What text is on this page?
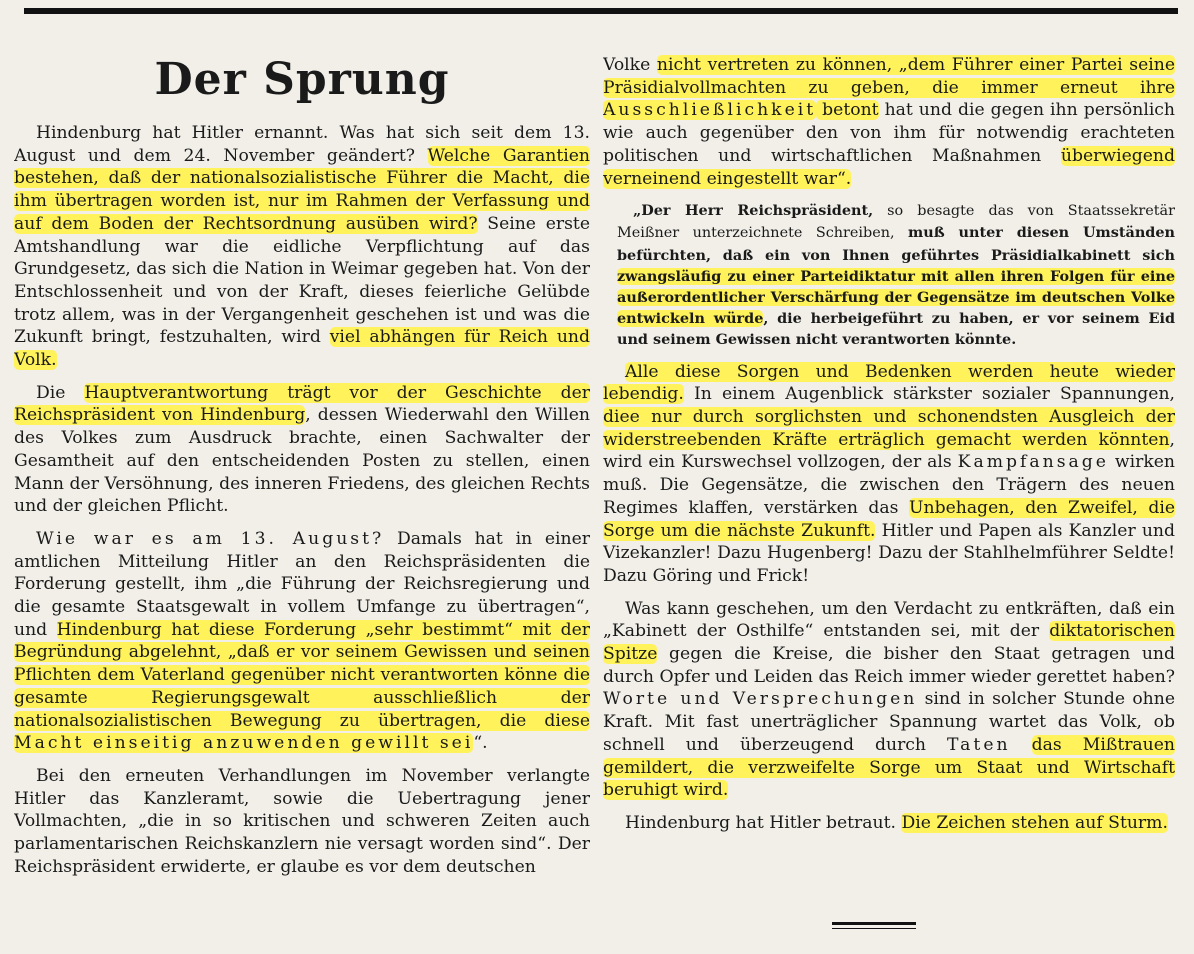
Der Sprung

Hindenburg hat Hitler ernannt. Was hat sich seit dem 13. August und dem 24. November geändert? Welche Garantien bestehen, daß der nationalsozialistische Führer die Macht, die ihm übertragen worden ist, nur im Rahmen der Verfassung und auf dem Boden der Rechtsordnung ausüben wird? Seine erste Amtshandlung war die eidliche Verpflichtung auf das Grundgesetz, das sich die Nation in Weimar gegeben hat. Von der Entschlossenheit und von der Kraft, dieses feierliche Gelübde trotz allem, was in der Vergangenheit geschehen ist und was die Zukunft bringt, festzuhalten, wird viel abhängen für Reich und Volk.

Die Hauptverantwortung trägt vor der Geschichte der Reichspräsident von Hindenburg, dessen Wiederwahl den Willen des Volkes zum Ausdruck brachte, einen Sachwalter der Gesamtheit auf den entscheidenden Posten zu stellen, einen Mann der Versöhnung, des inneren Friedens, des gleichen Rechts und der gleichen Pflicht.

Wie war es am 13. August? Damals hat in einer amtlichen Mitteilung Hitler an den Reichspräsidenten die Forderung gestellt, ihm „die Führung der Reichsregierung und die gesamte Staatsgewalt in vollem Umfange zu übertragen“, und Hindenburg hat diese Forderung „sehr bestimmt“ mit der Begründung abgelehnt, „daß er vor seinem Gewissen und seinen Pflichten dem Vaterland gegenüber nicht verantworten könne die gesamte Regierungsgewalt ausschließlich der nationalsozialistischen Bewegung zu übertragen, die diese Macht einseitig anzuwenden gewillt sei“.

Bei den erneuten Verhandlungen im November verlangte Hitler das Kanzleramt, sowie die Uebertragung jener Vollmachten, „die in so kritischen und schweren Zeiten auch parlamentarischen Reichskanzlern nie versagt worden sind“. Der Reichspräsident erwiderte, er glaube es vor dem deutschen

Volke nicht vertreten zu können, „dem Führer einer Partei seine Präsidialvollmachten zu geben, die immer erneut ihre Ausschließlichkeit betont hat und die gegen ihn persönlich wie auch gegenüber den von ihm für notwendig erachteten politischen und wirtschaftlichen Maßnahmen überwiegend verneinend eingestellt war“.

„Der Herr Reichspräsident, so besagte das von Staatssekretär Meißner unterzeichnete Schreiben, muß unter diesen Umständen befürchten, daß ein von Ihnen geführtes Präsidialkabinett sich zwangsläufig zu einer Parteidiktatur mit allen ihren Folgen für eine außerordentlicher Verschärfung der Gegensätze im deutschen Volke entwickeln würde, die herbeigeführt zu haben, er vor seinem Eid und seinem Gewissen nicht verantworten könnte.

Alle diese Sorgen und Bedenken werden heute wieder lebendig. In einem Augenblick stärkster sozialer Spannungen, diee nur durch sorglichsten und schonendsten Ausgleich der widerstreebenden Kräfte erträglich gemacht werden könnten, wird ein Kurswechsel vollzogen, der als Kampfansage wirken muß. Die Gegensätze, die zwischen den Trägern des neuen Regimes klaffen, verstärken das Unbehagen, den Zweifel, die Sorge um die nächste Zukunft. Hitler und Papen als Kanzler und Vizekanzler! Dazu Hugenberg! Dazu der Stahlhelmführer Seldte! Dazu Göring und Frick!

Was kann geschehen, um den Verdacht zu entkräften, daß ein „Kabinett der Osthilfe“ entstanden sei, mit der diktatorischen Spitze gegen die Kreise, die bisher den Staat getragen und durch Opfer und Leiden das Reich immer wieder gerettet haben? Worte und Versprechungen sind in solcher Stunde ohne Kraft. Mit fast unerträglicher Spannung wartet das Volk, ob schnell und überzeugend durch Taten das Mißtrauen gemildert, die verzweifelte Sorge um Staat und Wirtschaft beruhigt wird.

Hindenburg hat Hitler betraut. Die Zeichen stehen auf Sturm.
